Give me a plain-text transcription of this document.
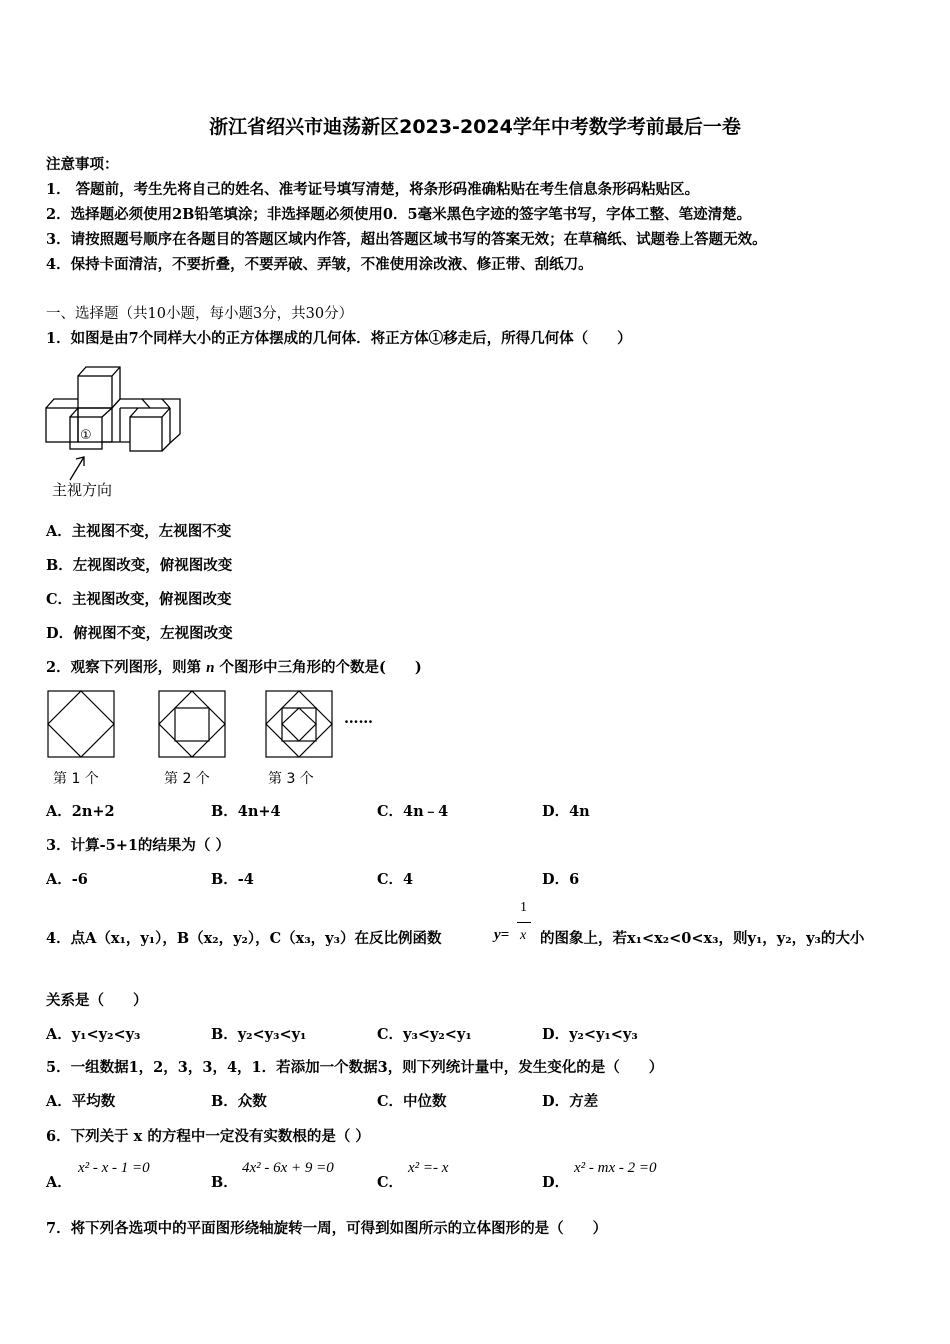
浙江省绍兴市迪荡新区2023-2024学年中考数学考前最后一卷
注意事项：
1． 答题前，考生先将自己的姓名、准考证号填写清楚，将条形码准确粘贴在考生信息条形码粘贴区。
2．选择题必须使用2B铅笔填涂；非选择题必须使用0．5毫米黑色字迹的签字笔书写，字体工整、笔迹清楚。
3．请按照题号顺序在各题目的答题区域内作答，超出答题区域书写的答案无效；在草稿纸、试题卷上答题无效。
4．保持卡面清洁，不要折叠，不要弄破、弄皱，不准使用涂改液、修正带、刮纸刀。
一、选择题（共10小题，每小题3分，共30分）
1．如图是由7个同样大小的正方体摆成的几何体．将正方体①移走后，所得几何体（　　）
①
主视方向
A．主视图不变，左视图不变
B．左视图改变，俯视图改变
C．主视图改变，俯视图改变
D．俯视图不变，左视图改变
2．观察下列图形，则第 n 个图形中三角形的个数是(　　)
……
第 1 个	第 2 个	第 3 个
A．2n+2	B．4n+4	C．4n﹣4	D．4n
3．计算-5+1的结果为（ ）
A．-6	B．-4	C．4	D．6
4．点A（x₁，y₁），B（x₂，y₂），C（x₃，y₃）在反比例函数	y=
1
x 的图象上，若x₁<x₂<0<x₃，则y₁，y₂，y₃的大小
关系是（　　）
A．y₁<y₂<y₃	B．y₂<y₃<y₁	C．y₃<y₂<y₁	D．y₂<y₁<y₃
5．一组数据1，2，3，3，4，1．若添加一个数据3，则下列统计量中，发生变化的是（　　）
A．平均数	B．众数	C．中位数	D．方差
6．下列关于 x 的方程中一定没有实数根的是（ ）
A．
x² - x - 1 =0
B．
4x² - 6x + 9 =0
C．
x² =- x
D．
x² - mx - 2 =0
7．将下列各选项中的平面图形绕轴旋转一周，可得到如图所示的立体图形的是（　　）
